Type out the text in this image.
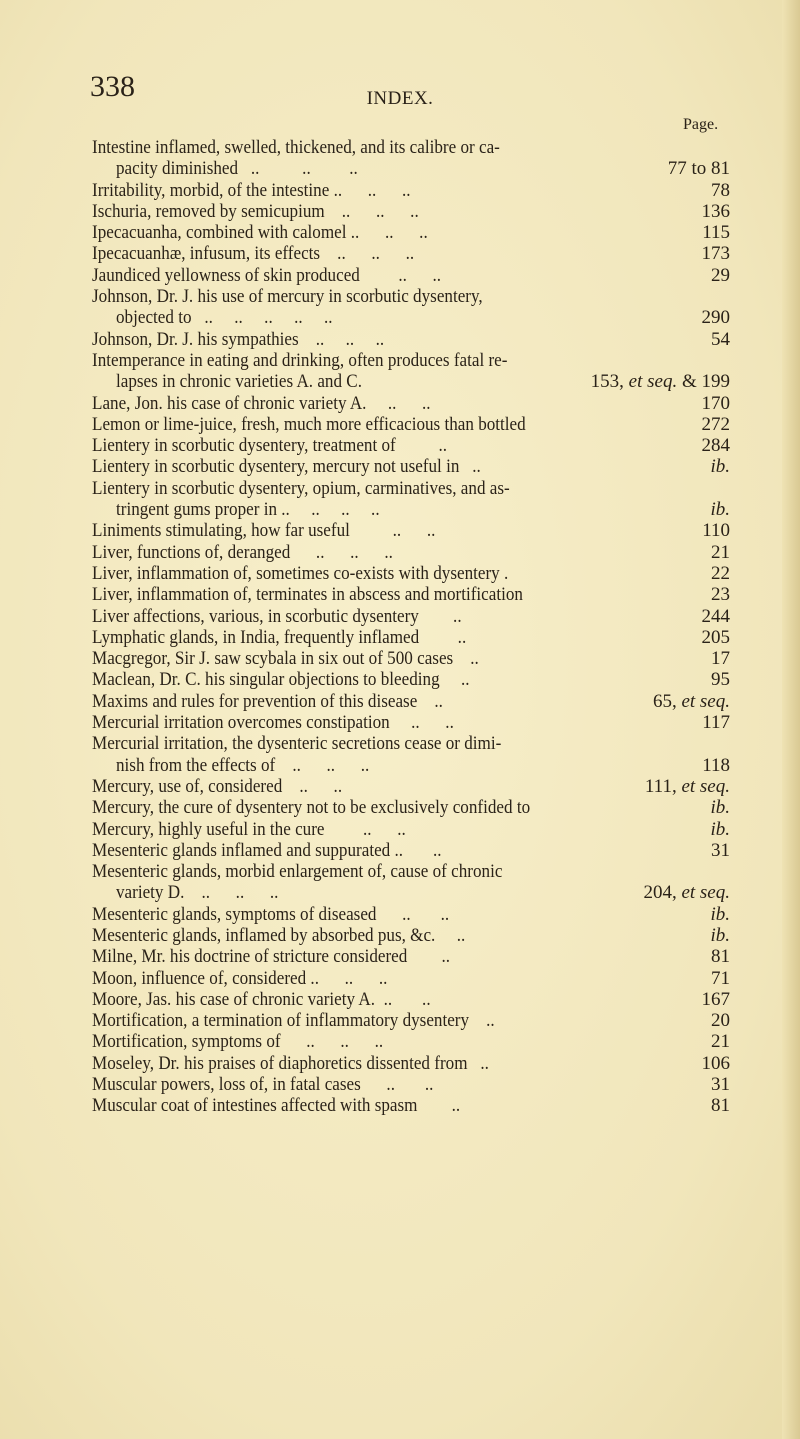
338	INDEX.
Page.
Intestine inflamed, swelled, thickened, and its calibre or ca-
pacity diminished   ..          ..         ..	77 to 81
Irritability, morbid, of the intestine ..      ..      ..	78
Ischuria, removed by semicupium    ..      ..      ..	136
Ipecacuanha, combined with calomel ..      ..      ..	115
Ipecacuanhæ, infusum, its effects    ..      ..      ..	173
Jaundiced yellowness of skin produced         ..      ..	29
Johnson, Dr. J. his use of mercury in scorbutic dysentery,
objected to   ..     ..     ..     ..     ..	290
Johnson, Dr. J. his sympathies    ..     ..     ..	54
Intemperance in eating and drinking, often produces fatal re-
lapses in chronic varieties A. and C.	153, et seq. & 199
Lane, Jon. his case of chronic variety A.     ..      ..	170
Lemon or lime-juice, fresh, much more efficacious than bottled	272
Lientery in scorbutic dysentery, treatment of          ..	284
Lientery in scorbutic dysentery, mercury not useful in   ..	ib.
Lientery in scorbutic dysentery, opium, carminatives, and as-
tringent gums proper in ..     ..     ..     ..	ib.
Liniments stimulating, how far useful          ..      ..	110
Liver, functions of, deranged      ..      ..      ..	21
Liver, inflammation of, sometimes co-exists with dysentery .	22
Liver, inflammation of, terminates in abscess and mortification	23
Liver affections, various, in scorbutic dysentery        ..	244
Lymphatic glands, in India, frequently inflamed         ..	205
Macgregor, Sir J. saw scybala in six out of 500 cases    ..	17
Maclean, Dr. C. his singular objections to bleeding     ..	95
Maxims and rules for prevention of this disease    ..	65, et seq.
Mercurial irritation overcomes constipation     ..      ..	117
Mercurial irritation, the dysenteric secretions cease or dimi-
nish from the effects of    ..      ..      ..	118
Mercury, use of, considered    ..      ..	111, et seq.
Mercury, the cure of dysentery not to be exclusively confided to	ib.
Mercury, highly useful in the cure         ..      ..	ib.
Mesenteric glands inflamed and suppurated ..       ..	31
Mesenteric glands, morbid enlargement of, cause of chronic
variety D.    ..      ..      ..	204, et seq.
Mesenteric glands, symptoms of diseased      ..       ..	ib.
Mesenteric glands, inflamed by absorbed pus, &c.     ..	ib.
Milne, Mr. his doctrine of stricture considered        ..	81
Moon, influence of, considered ..      ..      ..	71
Moore, Jas. his case of chronic variety A.  ..       ..	167
Mortification, a termination of inflammatory dysentery    ..	20
Mortification, symptoms of      ..      ..      ..	21
Moseley, Dr. his praises of diaphoretics dissented from   ..	106
Muscular powers, loss of, in fatal cases      ..       ..	31
Muscular coat of intestines affected with spasm        ..	81
